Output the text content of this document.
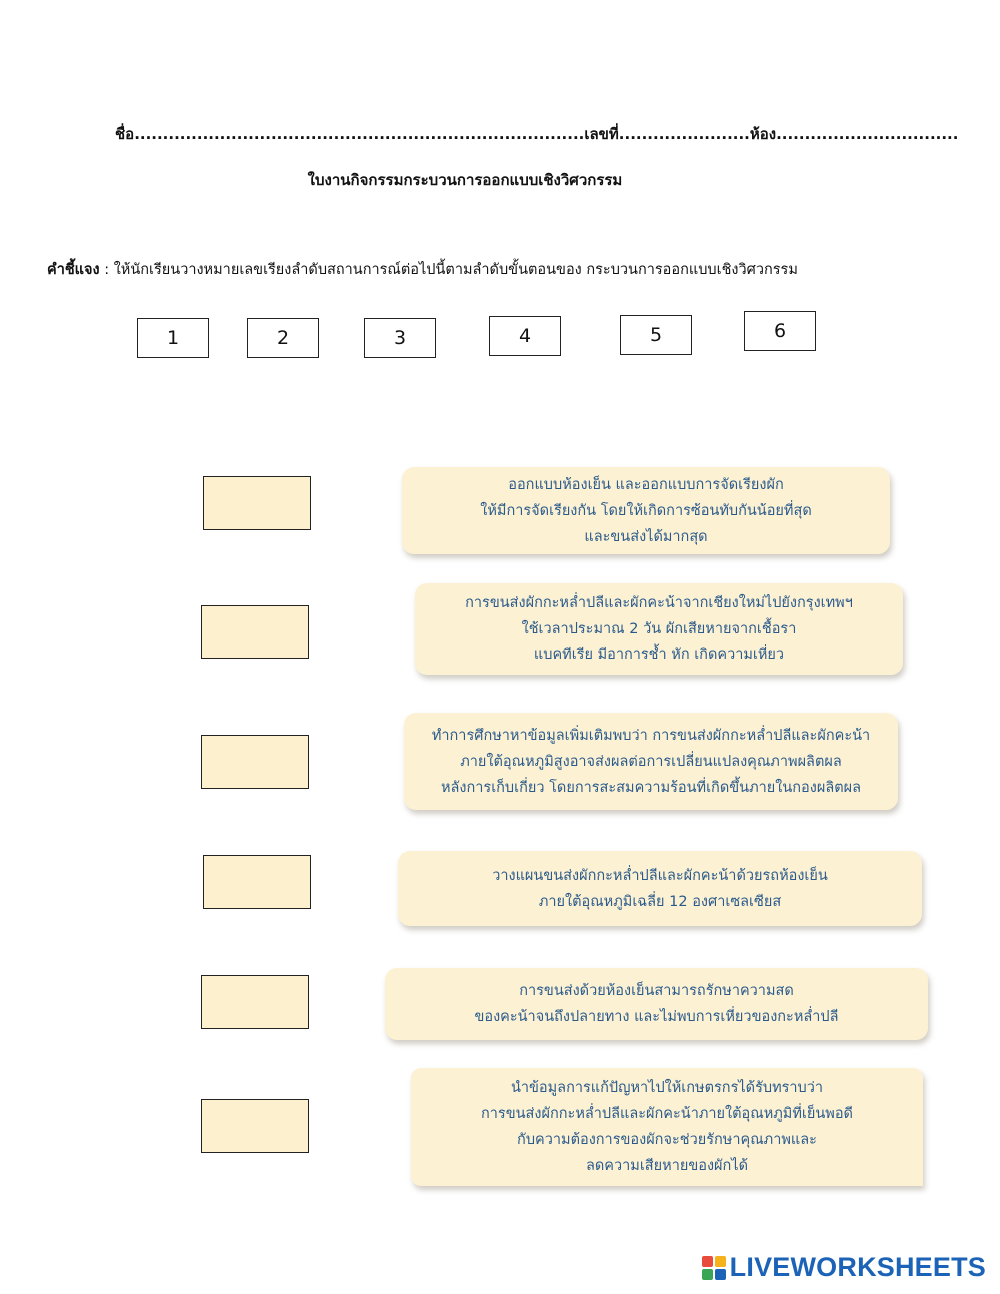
ชื่อ...............................................................................เลขที่.......................ห้อง................................
ใบงานกิจกรรมกระบวนการออกแบบเชิงวิศวกรรม
คำชี้แจง : ให้นักเรียนวางหมายเลขเรียงลำดับสถานการณ์ต่อไปนี้ตามลำดับขั้นตอนของ กระบวนการออกแบบเชิงวิศวกรรม
1	2	3	4	5	6
ออกแบบห้องเย็น และออกแบบการจัดเรียงผัก
ให้มีการจัดเรียงกัน โดยให้เกิดการซ้อนทับกันน้อยที่สุด
และขนส่งได้มากสุด
การขนส่งผักกะหล่ำปลีและผักคะน้าจากเชียงใหม่ไปยังกรุงเทพฯ
ใช้เวลาประมาณ 2 วัน ผักเสียหายจากเชื้อรา
แบคทีเรีย มีอาการช้ำ หัก เกิดความเหี่ยว
ทำการศึกษาหาข้อมูลเพิ่มเติมพบว่า การขนส่งผักกะหล่ำปลีและผักคะน้า
ภายใต้อุณหภูมิสูงอาจส่งผลต่อการเปลี่ยนแปลงคุณภาพผลิตผล
หลังการเก็บเกี่ยว โดยการสะสมความร้อนที่เกิดขึ้นภายในกองผลิตผล
วางแผนขนส่งผักกะหล่ำปลีและผักคะน้าด้วยรถห้องเย็น
ภายใต้อุณหภูมิเฉลี่ย 12 องศาเซลเซียส
การขนส่งด้วยห้องเย็นสามารถรักษาความสด
ของคะน้าจนถึงปลายทาง และไม่พบการเหี่ยวของกะหล่ำปลี
นำข้อมูลการแก้ปัญหาไปให้เกษตรกรได้รับทราบว่า
การขนส่งผักกะหล่ำปลีและผักคะน้าภายใต้อุณหภูมิที่เย็นพอดี
กับความต้องการของผักจะช่วยรักษาคุณภาพและ
ลดความเสียหายของผักได้
LIVEWORKSHEETS
